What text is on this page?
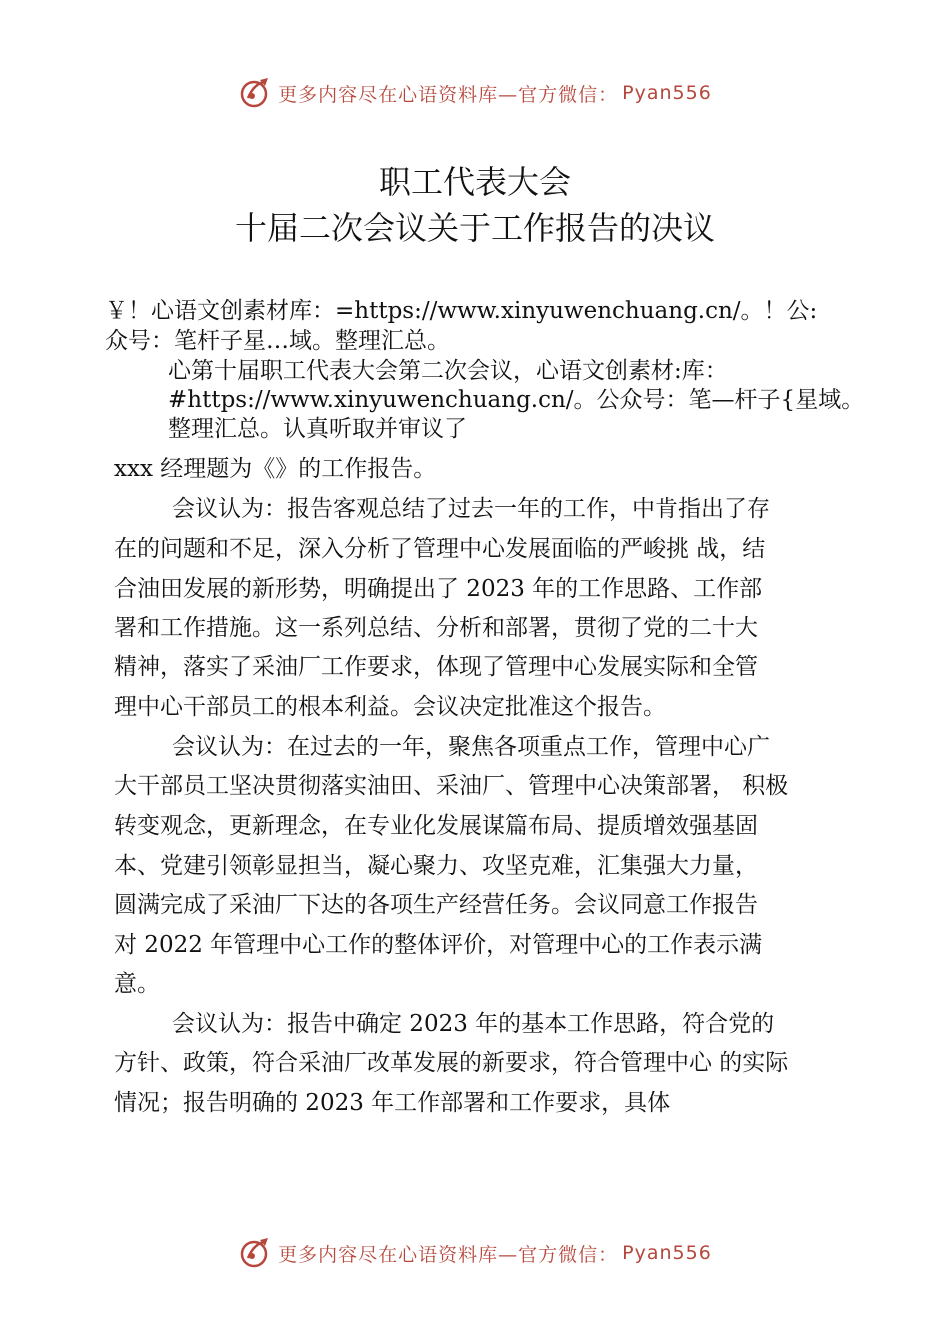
更多内容尽在心语资料库—官方微信： Pyan556
职工代表大会
十届二次会议关于工作报告的决议
￥！心语文创素材库：=https://www.xinyuwenchuang.cn/。！公:
众号：笔杆子星…域。整理汇总。
心第十届职工代表大会第二次会议，心语文创素材:库：
#https://www.xinyuwenchuang.cn/。公众号：笔—杆子{星域。
整理汇总。认真听取并审议了
xxx 经理题为《》的工作报告。
会议认为：报告客观总结了过去一年的工作，中肯指出了存
在的问题和不足，深入分析了管理中心发展面临的严峻挑 战，结
合油田发展的新形势，明确提出了 2023 年的工作思路、工作部
署和工作措施。这一系列总结、分析和部署，贯彻了党的二十大
精神，落实了采油厂工作要求，体现了管理中心发展实际和全管
理中心干部员工的根本利益。会议决定批准这个报告。
会议认为：在过去的一年，聚焦各项重点工作，管理中心广
大干部员工坚决贯彻落实油田、采油厂、管理中心决策部署， 积极
转变观念，更新理念，在专业化发展谋篇布局、提质增效强基固
本、党建引领彰显担当，凝心聚力、攻坚克难，汇集强大力量，
圆满完成了采油厂下达的各项生产经营任务。会议同意工作报告
对 2022 年管理中心工作的整体评价，对管理中心的工作表示满
意。
会议认为：报告中确定 2023 年的基本工作思路，符合党的
方针、政策，符合采油厂改革发展的新要求，符合管理中心 的实际
情况；报告明确的 2023 年工作部署和工作要求，具体
更多内容尽在心语资料库—官方微信： Pyan556
